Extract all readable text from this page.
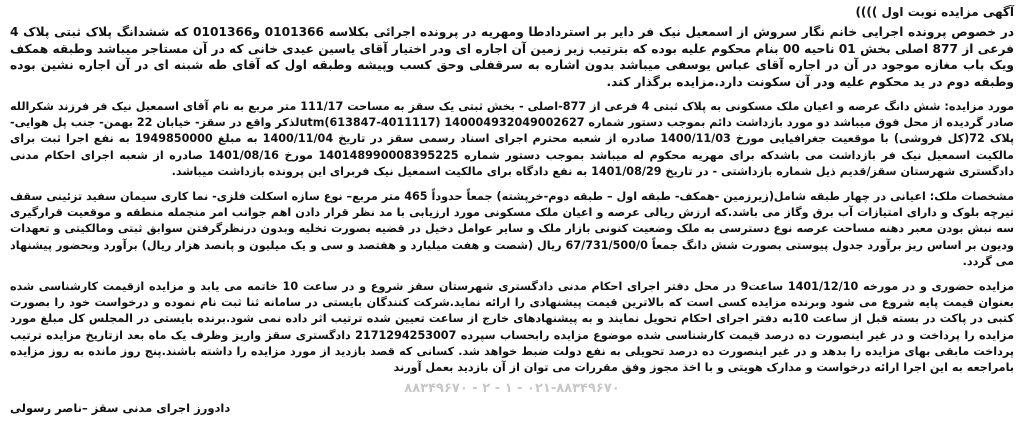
آگهی مزایده نوبت اول ))))
در خصوص پرونده اجرایی خانم نگار سروش از اسمعیل نیک فر دایر بر استردادطا ومهریه در پرونده اجرائی بکلاسه 0101366 و0101366 که ششدانگ پلاک ثبتی پلاک 4 فرعی از 877 اصلی بخش 01 ناحیه 00 بنام محکوم علیه بوده که بترتیب زیر زمین آن اجاره ای ودر اختیار آقای یاسین عیدی خانی که در آن مستاجر میباشد وطبقه همکف ویک باب مغازه موجود در آن در اجاره آقای عباس یوسفی میباشد بدون اشاره به سرقفلی وحق کسب وپیشه وطبقه اول که آقای طه شبنه ای در آن اجاره نشین بوده وطبقه دوم در ید محکوم علیه ودر آن سکونت دارد.مزایده برگذار کند.
مورد مزایده: شش دانگ عرصه و اعیان ملک مسکونی به پلاک ثبتی 4 فرعی از 877-اصلی - بخش ثبتی یک سقز به مساحت 111/17 متر مربع به نام آقای اسمعیل نیک فر فرزند شکرالله صادر گردیده از محل فوق میباشد دو مورد بازداشت دائم بموجب دستور شماره 140004932049002627 utm(613847-4011117)لذکر واقع در سقز- خیابان 22 بهمن- جنب پل هوایی- پلاک 72(کل فروشی) با موقعیت جغرافیایی مورخ 1400/11/03 صادره از شعبه محترم اجرای اسناد رسمی سقز در تاریخ 1400/11/04 به مبلغ 1949850000 به نفع اجرا ثبت برای مالکیت اسمعیل نیک فر بازداشت می باشدکه برای مهریه محکوم له میباشد بموجب دستور شماره 140148990008395225 مورخ 1401/08/16 صادره از شعبه اجرای احکام مدنی دادگستری شهرستان سقز/قدیم ذیل شماره بازداشتی - در تاریخ 1401/08/29 به نفع دادگاه برای مالکیت اسمعیل نیک فربرای این پرونده بازداشت میباشد.
مشخصات ملک: اعیانی در چهار طبقه شامل(زیرزمین -همکف- طبقه اول – طبقه دوم-خرپشته) جمعاً حدوداً 465 متر مربع– نوع سازه اسکلت فلزی- نما کاری سیمان سفید تزئینی سقف تیرچه بلوک و دارای امتیازات آب برق وگاز می باشد.که ارزش ریالی عرصه و اعیان ملک مسکونی مورد ارزیابی با مد نظر قرار دادن اهم جوانب امر منجمله منطقه و موقعیت قرارگیری سه نبش بودن معبر دهنه مساحت عرصه نوع دسترسی به ملک وضعیت کنونی بازار ملک و سایر عوامل دخیل در قضیه بصورت تخلیه وبدون درنظرگرفتن سوابق ثبتی ومالکیتی و تعهدات ودیون بر اساس ریز برآورد جدول پیوستی بصورت شش دانگ جمعاً 67/731/500/0 ریال (شصت و هفت میلیارد و هفتصد و سی و یک میلیون و پانصد هزار ریال) برآورد وبحضور پیشنهاد می گردد.
مزایده حضوری و در مورخه 1401/12/10 ساعت9 در محل دفتر اجرای احکام مدنی دادگستری شهرستان سقز شروع و در ساعت 10 خاتمه می یابد و مزایده ازقیمت کارشناسی شده بعنوان قیمت پایه شروع می شود وبرنده مزایده کسی است که بالاترین قیمت پیشنهادی را ارائه نماید.شرکت کنندگان بایستی در سامانه ثنا ثبت نام نموده و درخواست خود را بصورت کتبی در پاکت در بسته قبل از ساعت 10به دفتر اجرای احکام تحویل نمایند و به پیشنهادهای خارج از ساعت تعیین شده ترتیب اثر داده نمی شود.برنده بایستی در المجلس کل مبلغ مورد مزایده را پرداخت و در غیر اینصورت ده درصد قیمت کارشناسی شده موضوع مزایده رابحساب سپرده 2171294253007 دادگستری سقز واریز وظرف یک ماه بعد ازتاریخ مزایده ترتیب پرداخت مابقی بهای مزایده را بدهد و در غیر اینصورت ده درصد تحویلی به نفع دولت ضبط خواهد شد. کسانی که قصد بازدید از مورد مزایده را داشته باشند.پنج روز مانده به روز مزایده بامراجعه به این اجرا ارائه درخواست و مدارک هویتی و با اخذ مجوز وفق مقررات می توان از آن بازدید بعمل آورند
۰۲۱-۸۸۳۴۹۶۷۰ - ۱ - ۲ - ۸۸۳۴۹۶۷۰
دادورز اجرای مدنی سقز –ناصر رسولی
